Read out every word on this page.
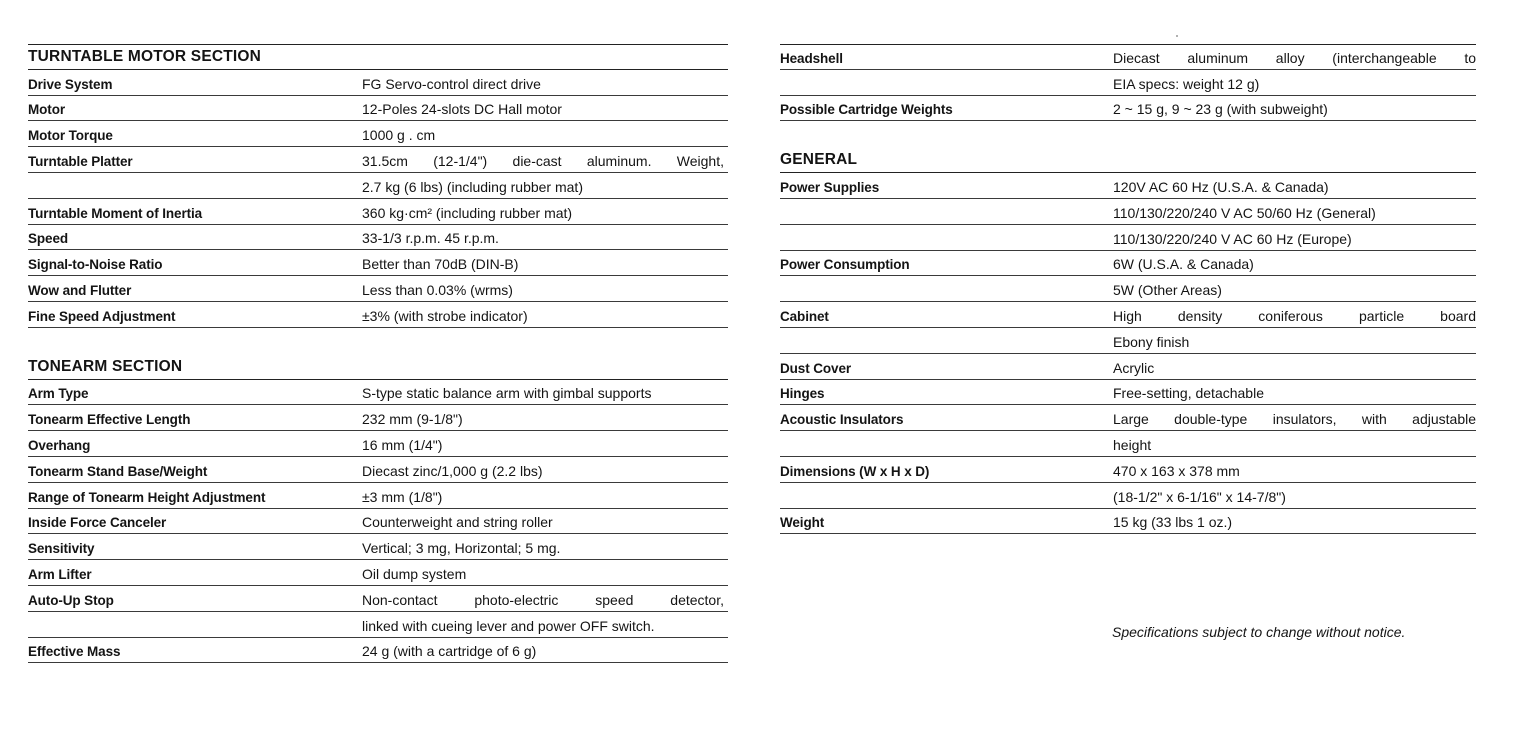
TURNTABLE MOTOR SECTION
Drive System	FG Servo-control direct drive
Motor	12-Poles 24-slots DC Hall motor
Motor Torque	1000 g . cm
Turntable Platter	31.5cm (12-1/4") die-cast aluminum. Weight,
2.7 kg (6 lbs) (including rubber mat)
Turntable Moment of Inertia	360 kg·cm² (including rubber mat)
Speed	33-1/3 r.p.m. 45 r.p.m.
Signal-to-Noise Ratio	Better than 70dB (DIN-B)
Wow and Flutter	Less than 0.03% (wrms)
Fine Speed Adjustment	±3% (with strobe indicator)
TONEARM SECTION
Arm Type	S-type static balance arm with gimbal supports
Tonearm Effective Length	232 mm (9-1/8")
Overhang	16 mm (1/4")
Tonearm Stand Base/Weight	Diecast zinc/1,000 g (2.2 lbs)
Range of Tonearm Height Adjustment	±3 mm (1/8")
Inside Force Canceler	Counterweight and string roller
Sensitivity	Vertical; 3 mg, Horizontal; 5 mg.
Arm Lifter	Oil dump system
Auto-Up Stop	Non-contact photo-electric speed detector,
linked with cueing lever and power OFF switch.
Effective Mass	24 g (with a cartridge of 6 g)
Headshell	Diecast aluminum alloy (interchangeable to
EIA specs: weight 12 g)
Possible Cartridge Weights	2 ~ 15 g, 9 ~ 23 g (with subweight)
GENERAL
Power Supplies	120V AC 60 Hz (U.S.A. & Canada)
110/130/220/240 V AC 50/60 Hz (General)
110/130/220/240 V AC 60 Hz (Europe)
Power Consumption	6W (U.S.A. & Canada)
5W (Other Areas)
Cabinet	High density coniferous particle board
Ebony finish
Dust Cover	Acrylic
Hinges	Free-setting, detachable
Acoustic Insulators	Large double-type insulators, with adjustable
height
Dimensions (W x H x D)	470 x 163 x 378 mm
(18-1/2" x 6-1/16" x 14-7/8")
Weight	15 kg (33 lbs 1 oz.)
Specifications subject to change without notice.
